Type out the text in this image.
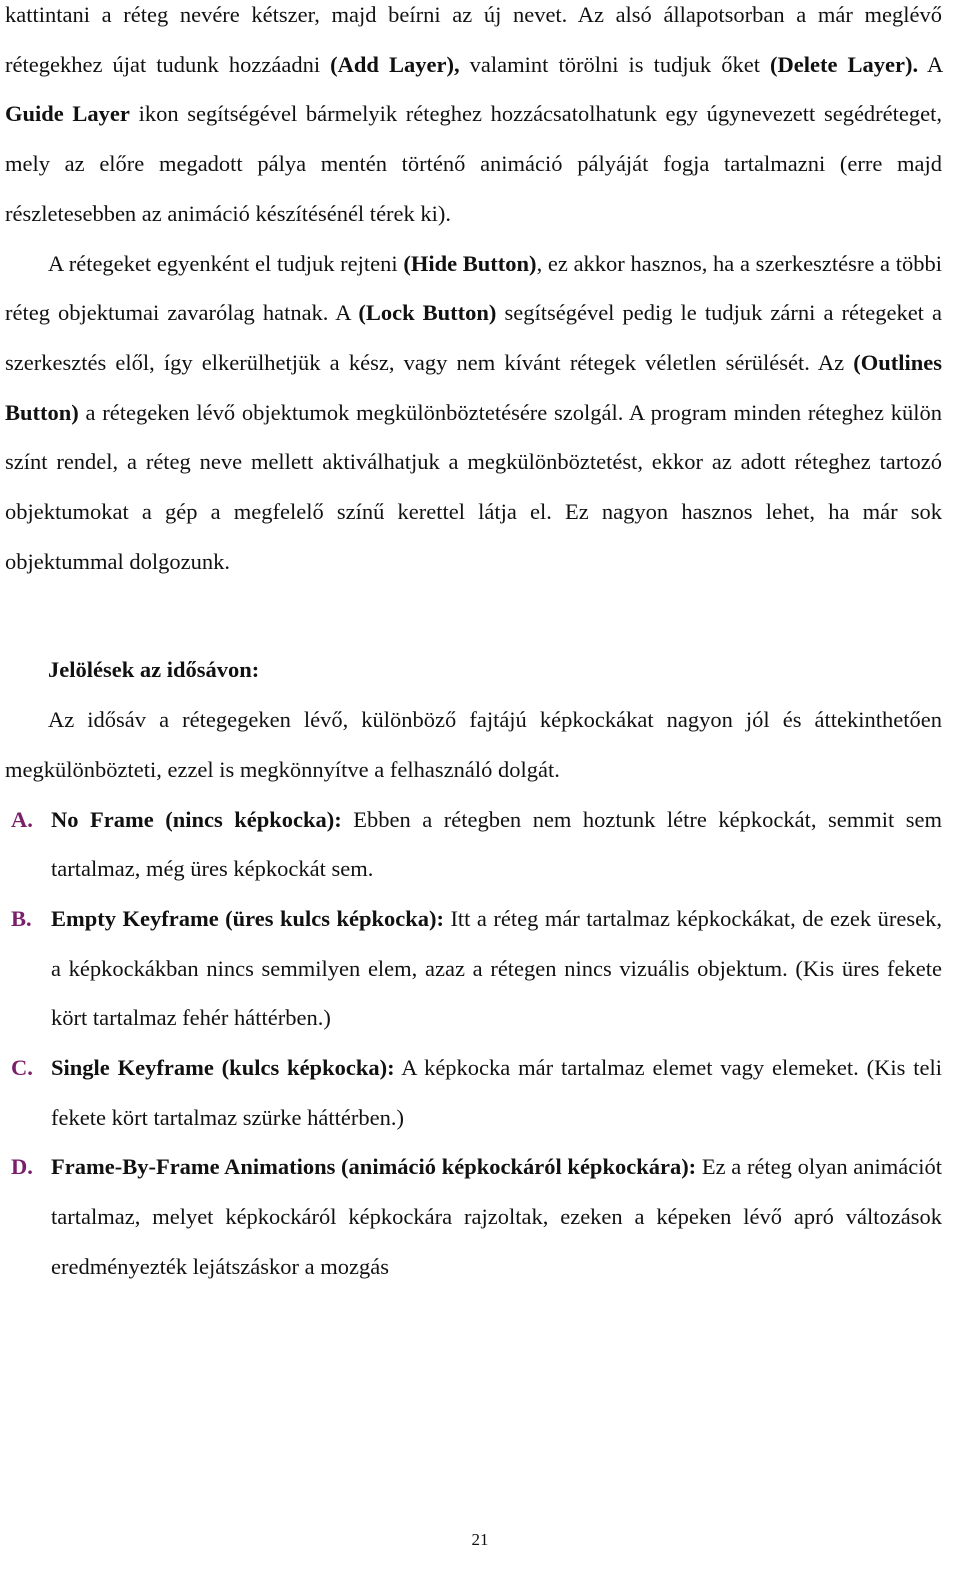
kattintani a réteg nevére kétszer, majd beírni az új nevet. Az alsó állapotsorban a már meglévő rétegekhez újat tudunk hozzáadni (Add Layer), valamint törölni is tudjuk őket (Delete Layer). A Guide Layer ikon segítségével bármelyik réteghez hozzácsatolhatunk egy úgynevezett segédréteget, mely az előre megadott pálya mentén történő animáció pályáját fogja tartalmazni (erre majd részletesebben az animáció készítésénél térek ki).

A rétegeket egyenként el tudjuk rejteni (Hide Button), ez akkor hasznos, ha a szerkesztésre a többi réteg objektumai zavarólag hatnak. A (Lock Button) segítségével pedig le tudjuk zárni a rétegeket a szerkesztés elől, így elkerülhetjük a kész, vagy nem kívánt rétegek véletlen sérülését. Az (Outlines Button) a rétegeken lévő objektumok megkülönböztetésére szolgál. A program minden réteghez külön színt rendel, a réteg neve mellett aktiválhatjuk a megkülönböztetést, ekkor az adott réteghez tartozó objektumokat a gép a megfelelő színű kerettel látja el. Ez nagyon hasznos lehet, ha már sok objektummal dolgozunk.

Jelölések az idősávon:

Az idősáv a rétegegeken lévő, különböző fajtájú képkockákat nagyon jól és áttekinthetően megkülönbözteti, ezzel is megkönnyítve a felhasználó dolgát.

A. No Frame (nincs képkocka): Ebben a rétegben nem hoztunk létre képkockát, semmit sem tartalmaz, még üres képkockát sem.
B. Empty Keyframe (üres kulcs képkocka): Itt a réteg már tartalmaz képkockákat, de ezek üresek, a képkockákban nincs semmilyen elem, azaz a rétegen nincs vizuális objektum. (Kis üres fekete kört tartalmaz fehér háttérben.)
C. Single Keyframe (kulcs képkocka): A képkocka már tartalmaz elemet vagy elemeket. (Kis teli fekete kört tartalmaz szürke háttérben.)
D. Frame-By-Frame Animations (animáció képkockáról képkockára): Ez a réteg olyan animációt tartalmaz, melyet képkockáról képkockára rajzoltak, ezeken a képeken lévő apró változások eredményezték lejátszáskor a mozgás
21
